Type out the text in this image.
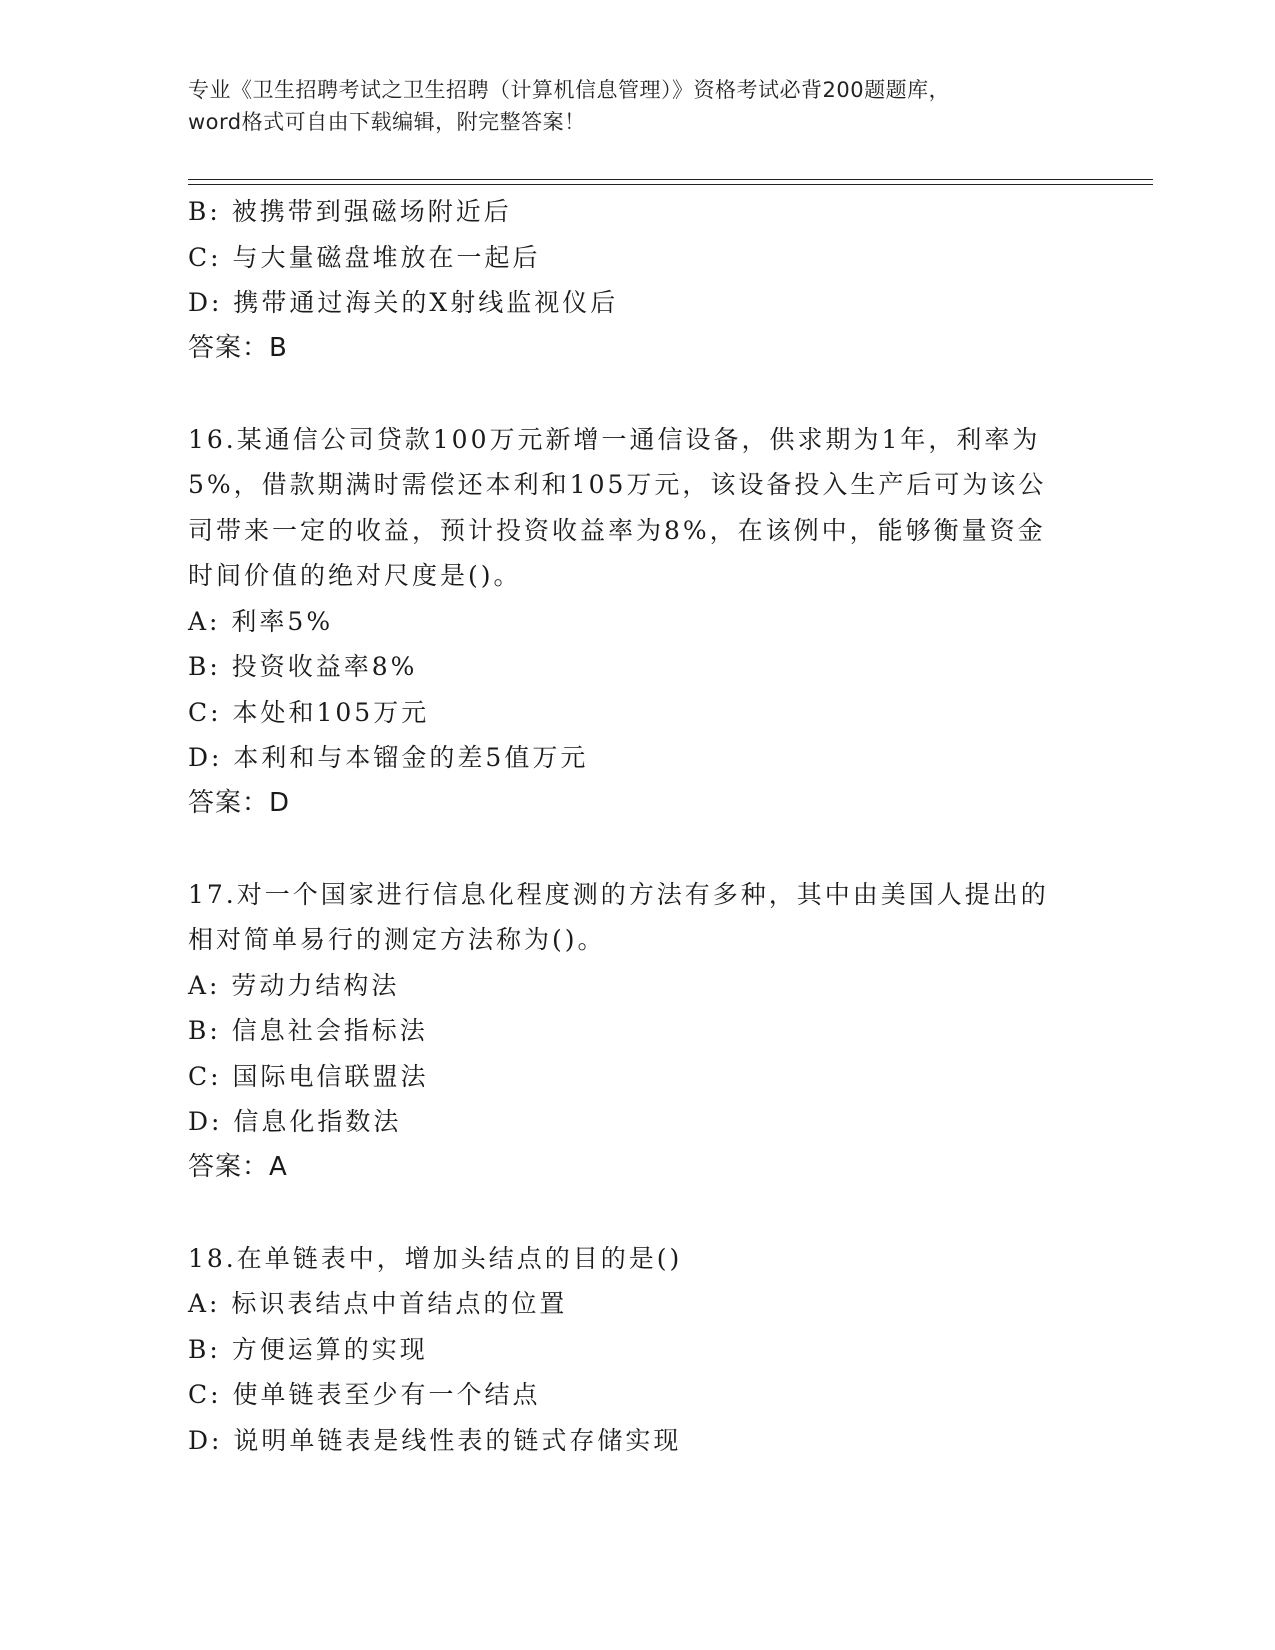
专业《卫生招聘考试之卫生招聘（计算机信息管理）》资格考试必背200题题库，
word格式可自由下载编辑，附完整答案！
B: 被携带到强磁场附近后
C: 与大量磁盘堆放在一起后
D: 携带通过海关的X射线监视仪后
答案：B
16.某通信公司贷款100万元新增一通信设备，供求期为1年，利率为
5%，借款期满时需偿还本利和105万元，该设备投入生产后可为该公
司带来一定的收益，预计投资收益率为8%，在该例中，能够衡量资金
时间价值的绝对尺度是()。
A: 利率5%
B: 投资收益率8%
C: 本处和105万元
D: 本利和与本镏金的差5值万元
答案：D
17.对一个国家进行信息化程度测的方法有多种，其中由美国人提出的
相对简单易行的测定方法称为()。
A: 劳动力结构法
B: 信息社会指标法
C: 国际电信联盟法
D: 信息化指数法
答案：A
18.在单链表中，增加头结点的目的是()
A: 标识表结点中首结点的位置
B: 方便运算的实现
C: 使单链表至少有一个结点
D: 说明单链表是线性表的链式存储实现
